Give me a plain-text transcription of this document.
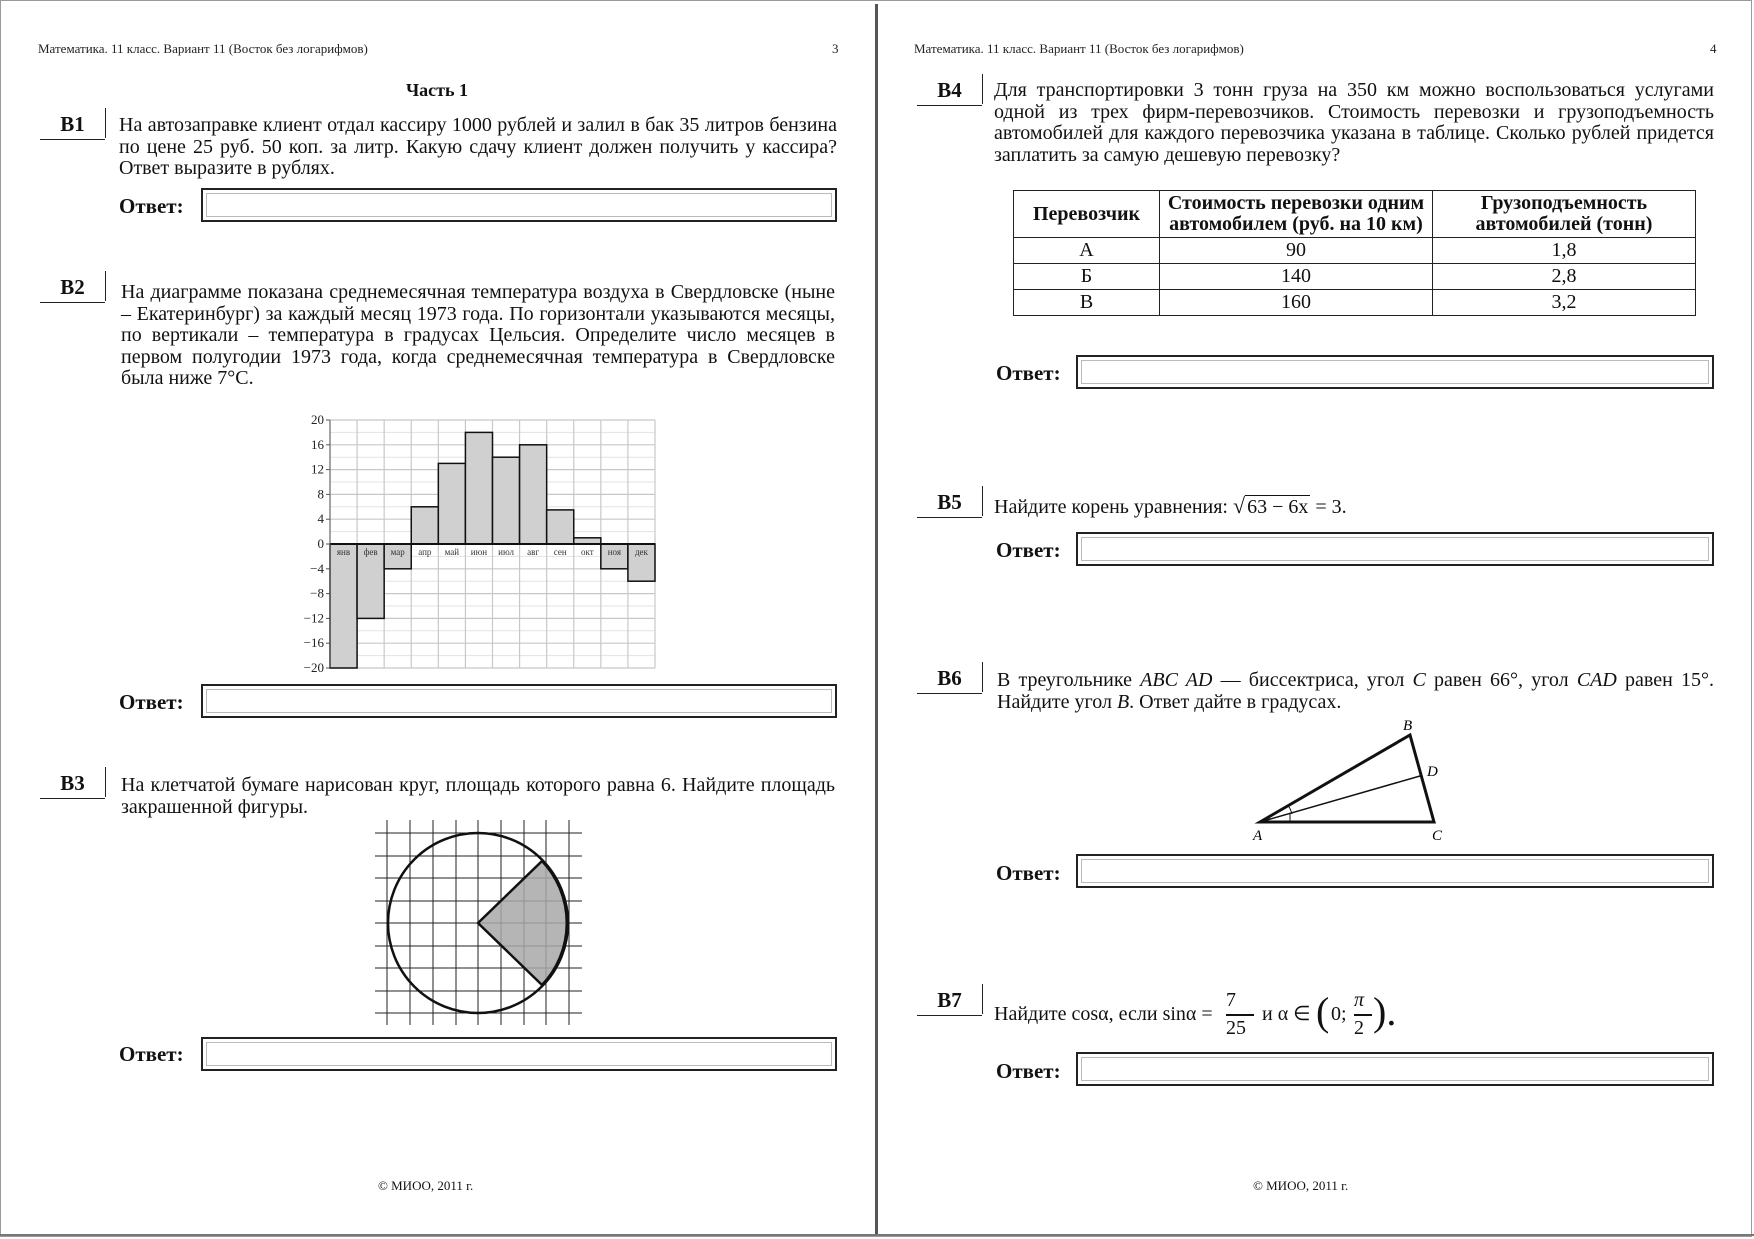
Математика. 11 класс. Вариант 11 (Восток без логарифмов)	3
Часть 1
B1	На автозаправке клиент отдал кассиру 1000 рублей и залил в бак 35 литров бензина по цене 25 руб. 50 коп. за литр. Какую сдачу клиент должен получить у кассира? Ответ выразите в рублях.
Ответ:
B2	На диаграмме показана среднемесячная температура воздуха в Свердловске (ныне – Екатеринбург) за каждый месяц 1973 года. По горизонтали указываются месяцы, по вертикали – температура в градусах Цельсия. Определите число месяцев в первом полугодии 1973 года, когда среднемесячная температура в Свердловске была ниже 7°C.
20
16
12
8
4
0
−4
−8
−12
−16
−20
янв фев мар апр май июн июл авг сен окт ноя дек
Ответ:
B3	На клетчатой бумаге нарисован круг, площадь которого равна 6. Найдите площадь закрашенной фигуры.
Ответ:
© МИОО, 2011 г.
Математика. 11 класс. Вариант 11 (Восток без логарифмов)	4
B4	Для транспортировки 3 тонн груза на 350 км можно воспользоваться услугами одной из трех фирм-перевозчиков. Стоимость перевозки и грузоподъемность автомобилей для каждого перевозчика указана в таблице. Сколько рублей придется заплатить за самую дешевую перевозку?
Перевозчик	Стоимость перевозки одним автомобилем (руб. на 10 км)	Грузоподъемность автомобилей (тонн)
А	90	1,8
Б	140	2,8
В	160	3,2
Ответ:
B5	Найдите корень уравнения: √ 63 − 6x = 3.
Ответ:
B6	В треугольнике ABC AD — биссектриса, угол C равен 66°, угол CAD равен 15°. Найдите угол B. Ответ дайте в градусах.
B
D
A	C
Ответ:
B7
Найдите cosα, если sinα =
7
25
и α ∈ ( 0;
π
2 ).
Ответ:
© МИОО, 2011 г.
